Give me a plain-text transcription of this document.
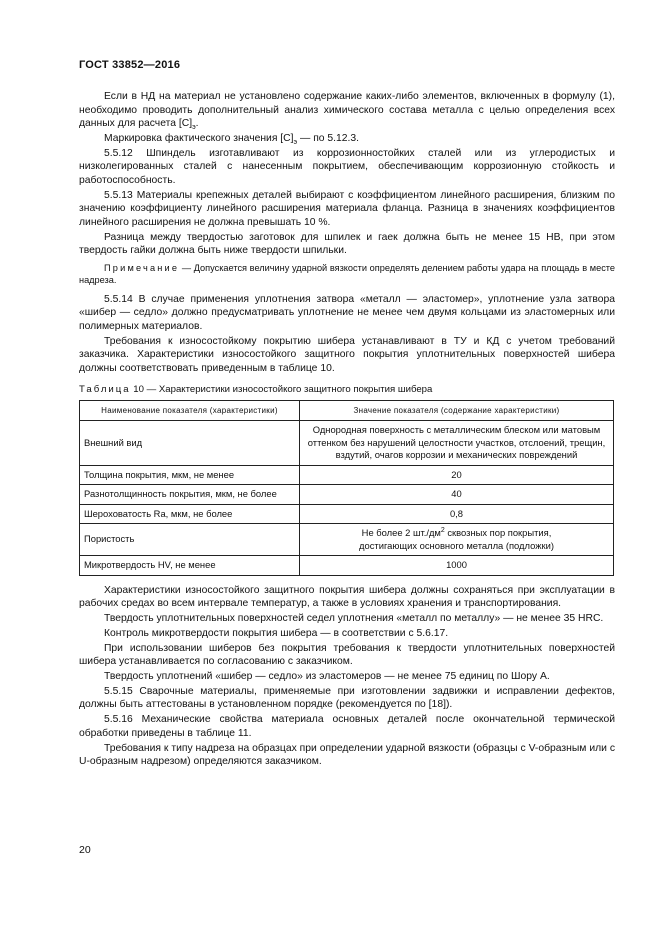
ГОСТ 33852—2016

Если в НД на материал не установлено содержание каких-либо элементов, включенных в формулу (1), необходимо проводить дополнительный анализ химического состава металла с целью определения всех данных для расчета $[С]_э$.

Маркировка фактического значения $[С]_э$ — по 5.12.3.

5.5.12 Шпиндель изготавливают из коррозионностойких сталей или из углеродистых и низколегированных сталей с нанесенным покрытием, обеспечивающим коррозионную стойкость и работоспособность.

5.5.13 Материалы крепежных деталей выбирают с коэффициентом линейного расширения, близким по значению коэффициенту линейного расширения материала фланца. Разница в значениях коэффициентов линейного расширения не должна превышать 10 %.

Разница между твердостью заготовок для шпилек и гаек должна быть не менее 15 НВ, при этом твердость гайки должна быть ниже твердости шпильки.

Примечание — Допускается величину ударной вязкости определять делением работы удара на площадь в месте надреза.

5.5.14 В случае применения уплотнения затвора «металл — эластомер», уплотнение узла затвора «шибер — седло» должно предусматривать уплотнение не менее чем двумя кольцами из эластомерных или полимерных материалов.

Требования к износостойкому покрытию шибера устанавливают в ТУ и КД с учетом требований заказчика. Характеристики износостойкого защитного покрытия уплотнительных поверхностей шибера должны соответствовать приведенным в таблице 10.

Таблица 10 — Характеристики износостойкого защитного покрытия шибера
Наименование показателя (характеристики)	Значение показателя (содержание характеристики)
Внешний вид	Однородная поверхность с металлическим блеском или матовым оттенком без нарушений целостности участков, отслоений, трещин, вздутий, очагов коррозии и механических повреждений
Толщина покрытия, мкм, не менее	20
Разнотолщинность покрытия, мкм, не более	40
Шероховатость Ra, мкм, не более	0,8
Пористость	Не более 2 $шт./дм^2$ сквозных пор покрытия,
достигающих основного металла (подложки)
Микротвердость HV, не менее	1000

Характеристики износостойкого защитного покрытия шибера должны сохраняться при эксплуатации в рабочих средах во всем интервале температур, а также в условиях хранения и транспортирования.

Твердость уплотнительных поверхностей седел уплотнения «металл по металлу» — не менее 35 HRC.

Контроль микротвердости покрытия шибера — в соответствии с 5.6.17.

При использовании шиберов без покрытия требования к твердости уплотнительных поверхностей шибера устанавливается по согласованию с заказчиком.

Твердость уплотнений «шибер — седло» из эластомеров — не менее 75 единиц по Шору А.

5.5.15 Сварочные материалы, применяемые при изготовлении задвижки и исправлении дефектов, должны быть аттестованы в установленном порядке (рекомендуется по [18]).

5.5.16 Механические свойства материала основных деталей после окончательной термической обработки приведены в таблице 11.

Требования к типу надреза на образцах при определении ударной вязкости (образцы с V-образным или с U-образным надрезом) определяются заказчиком.

20
